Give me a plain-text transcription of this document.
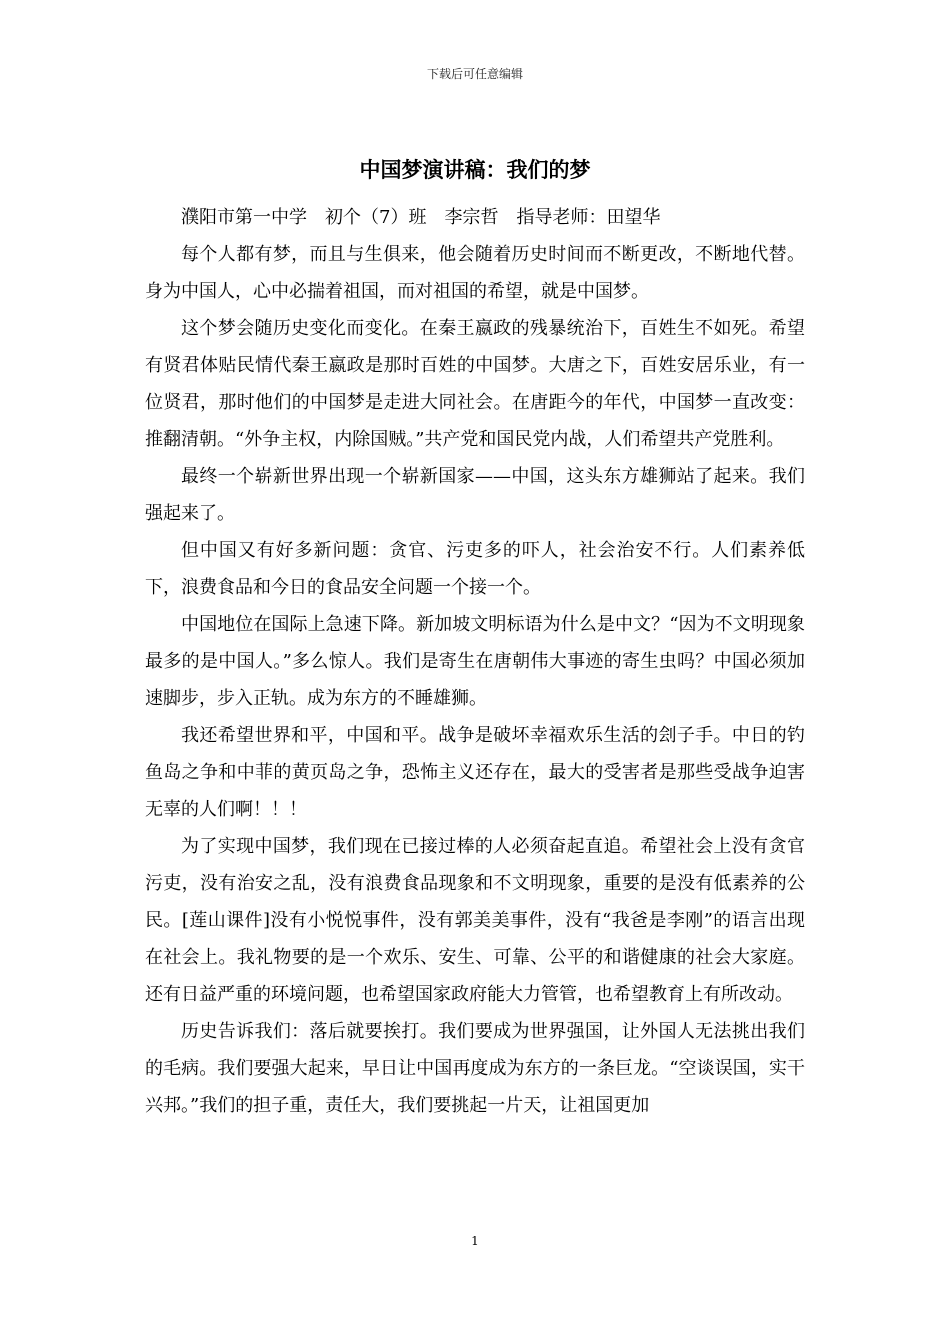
下载后可任意编辑
中国梦演讲稿：我们的梦

濮阳市第一中学　初个（7）班　李宗哲　指导老师：田望华

每个人都有梦，而且与生俱来，他会随着历史时间而不断更改，不断地代替。身为中国人，心中必揣着祖国，而对祖国的希望，就是中国梦。

这个梦会随历史变化而变化。在秦王嬴政的残暴统治下，百姓生不如死。希望有贤君体贴民情代秦王嬴政是那时百姓的中国梦。大唐之下，百姓安居乐业，有一位贤君，那时他们的中国梦是走进大同社会。在唐距今的年代，中国梦一直改变：推翻清朝。“外争主权，内除国贼。”共产党和国民党内战，人们希望共产党胜利。

最终一个崭新世界出现一个崭新国家——中国，这头东方雄狮站了起来。我们强起来了。

但中国又有好多新问题：贪官、污吏多的吓人，社会治安不行。人们素养低下，浪费食品和今日的食品安全问题一个接一个。

中国地位在国际上急速下降。新加坡文明标语为什么是中文？“因为不文明现象最多的是中国人。”多么惊人。我们是寄生在唐朝伟大事迹的寄生虫吗？中国必须加速脚步，步入正轨。成为东方的不睡雄狮。

我还希望世界和平，中国和平。战争是破坏幸福欢乐生活的刽子手。中日的钓鱼岛之争和中菲的黄页岛之争，恐怖主义还存在，最大的受害者是那些受战争迫害无辜的人们啊！！！

为了实现中国梦，我们现在已接过棒的人必须奋起直追。希望社会上没有贪官污吏，没有治安之乱，没有浪费食品现象和不文明现象，重要的是没有低素养的公民。[莲山课件]没有小悦悦事件，没有郭美美事件，没有“我爸是李刚”的语言出现在社会上。我礼物要的是一个欢乐、安生、可靠、公平的和谐健康的社会大家庭。还有日益严重的环境问题，也希望国家政府能大力管管，也希望教育上有所改动。

历史告诉我们：落后就要挨打。我们要成为世界强国，让外国人无法挑出我们的毛病。我们要强大起来，早日让中国再度成为东方的一条巨龙。“空谈误国，实干兴邦。”我们的担子重，责任大，我们要挑起一片天，让祖国更加

1
